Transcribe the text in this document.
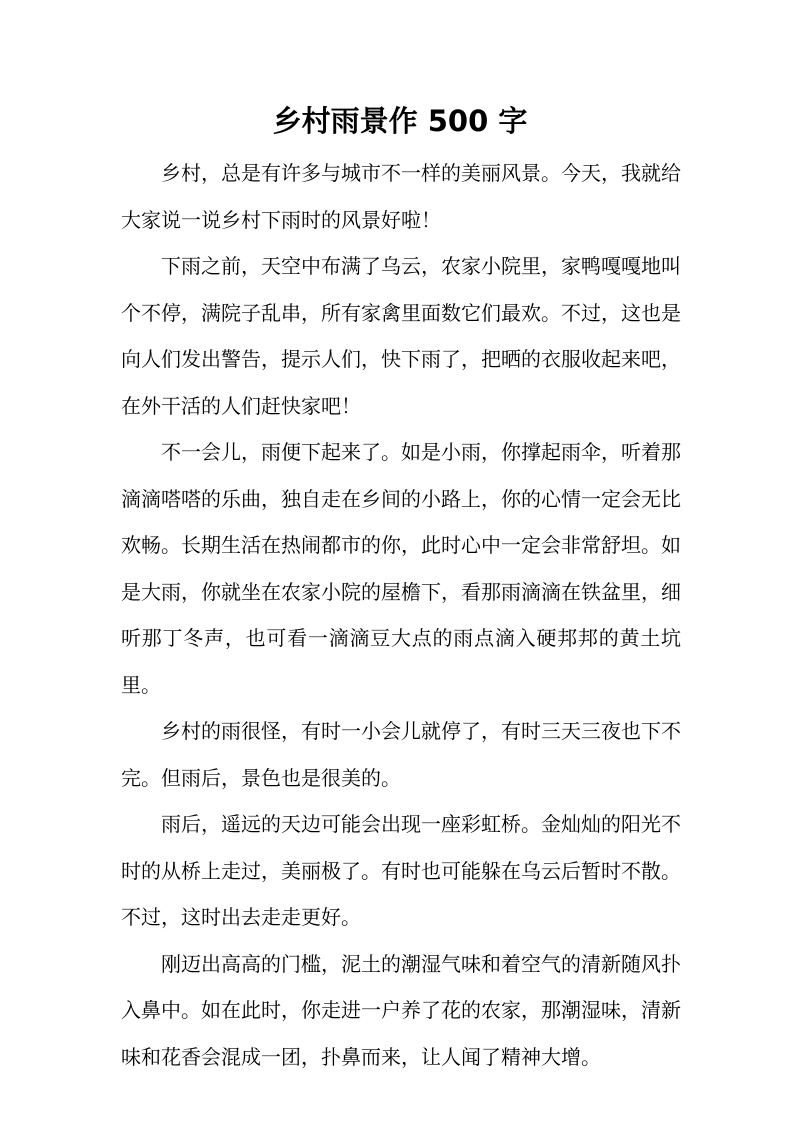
乡村雨景作 500 字

乡村，总是有许多与城市不一样的美丽风景。今天，我就给大家说一说乡村下雨时的风景好啦！

下雨之前，天空中布满了乌云，农家小院里，家鸭嘎嘎地叫个不停，满院子乱串，所有家禽里面数它们最欢。不过，这也是向人们发出警告，提示人们，快下雨了，把晒的衣服收起来吧，在外干活的人们赶快家吧！

不一会儿，雨便下起来了。如是小雨，你撑起雨伞，听着那滴滴嗒嗒的乐曲，独自走在乡间的小路上，你的心情一定会无比欢畅。长期生活在热闹都市的你，此时心中一定会非常舒坦。如是大雨，你就坐在农家小院的屋檐下，看那雨滴滴在铁盆里，细听那丁冬声，也可看一滴滴豆大点的雨点滴入硬邦邦的黄土坑里。

乡村的雨很怪，有时一小会儿就停了，有时三天三夜也下不完。但雨后，景色也是很美的。

雨后，遥远的天边可能会出现一座彩虹桥。金灿灿的阳光不时的从桥上走过，美丽极了。有时也可能躲在乌云后暂时不散。不过，这时出去走走更好。

刚迈出高高的门槛，泥土的潮湿气味和着空气的清新随风扑入鼻中。如在此时，你走进一户养了花的农家，那潮湿味，清新味和花香会混成一团，扑鼻而来，让人闻了精神大增。
